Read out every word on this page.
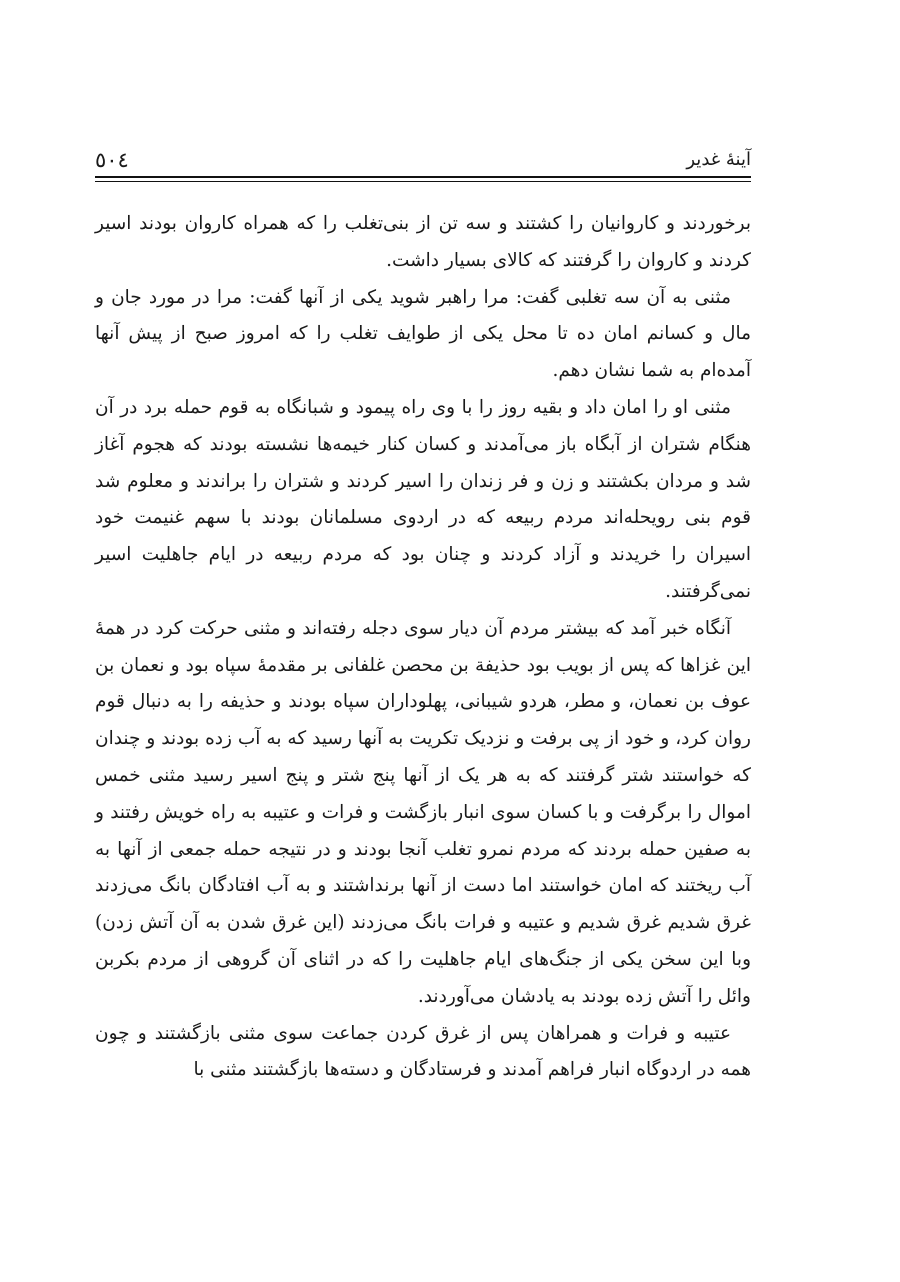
٥٠٤	آینهٔ غدیر

برخوردند و کاروانیان را کشتند و سه تن از بنی‌تغلب را که همراه کاروان بودند اسیر کردند و کاروان را گرفتند که کالای بسیار داشت.

مثنی به آن سه تغلبی گفت: مرا راهبر شوید یکی از آنها گفت: مرا در مورد جان و مال و کسانم امان ده تا محل یکی از طوایف تغلب را که امروز صبح از پیش آنها آمده‌ام به شما نشان دهم.

مثنی او را امان داد و بقیه روز را با وی راه پیمود و شبانگاه به قوم حمله برد در آن هنگام شتران از آبگاه باز می‌آمدند و کسان کنار خیمه‌ها نشسته بودند که هجوم آغاز شد و مردان بکشتند و زن و فر زندان را اسیر کردند و شتران را براندند و معلوم شد قوم بنی رویحله‌اند مردم ربیعه که در اردوی مسلمانان بودند با سهم غنیمت خود اسیران را خریدند و آزاد کردند و چنان بود که مردم ربیعه در ایام جاهلیت اسیر نمی‌گرفتند.

آنگاه خبر آمد که بیشتر مردم آن دیار سوی دجله رفته‌اند و مثنی حرکت کرد در همهٔ این غزاها که پس از بویب بود حذیفة بن محصن غلفانی بر مقدمهٔ سپاه بود و نعمان بن عوف بن نعمان، و مطر، هردو شیبانی، پهلوداران سپاه بودند و حذیفه را به دنبال قوم روان کرد، و خود از پی برفت و نزدیک تکریت به آنها رسید که به آب زده بودند و چندان که خواستند شتر گرفتند که به هر یک از آنها پنج شتر و پنج اسیر رسید مثنی خمس اموال را برگرفت و با کسان سوی انبار بازگشت و فرات و عتیبه به راه خویش رفتند و به صفین حمله بردند که مردم نمرو تغلب آنجا بودند و در نتیجه حمله جمعی از آنها به آب ریختند که امان خواستند اما دست از آنها برنداشتند و به آب افتادگان بانگ می‌زدند غرق شدیم غرق شدیم و عتیبه و فرات بانگ می‌زدند (این غرق شدن به آن آتش زدن) وبا این سخن یکی از جنگ‌های ایام جاهلیت را که در اثنای آن گروهی از مردم بکربن وائل را آتش زده بودند به یادشان می‌آوردند.

عتیبه و فرات و همراهان پس از غرق کردن جماعت سوی مثنی بازگشتند و چون همه در اردوگاه انبار فراهم آمدند و فرستادگان و دسته‌ها بازگشتند مثنی با
